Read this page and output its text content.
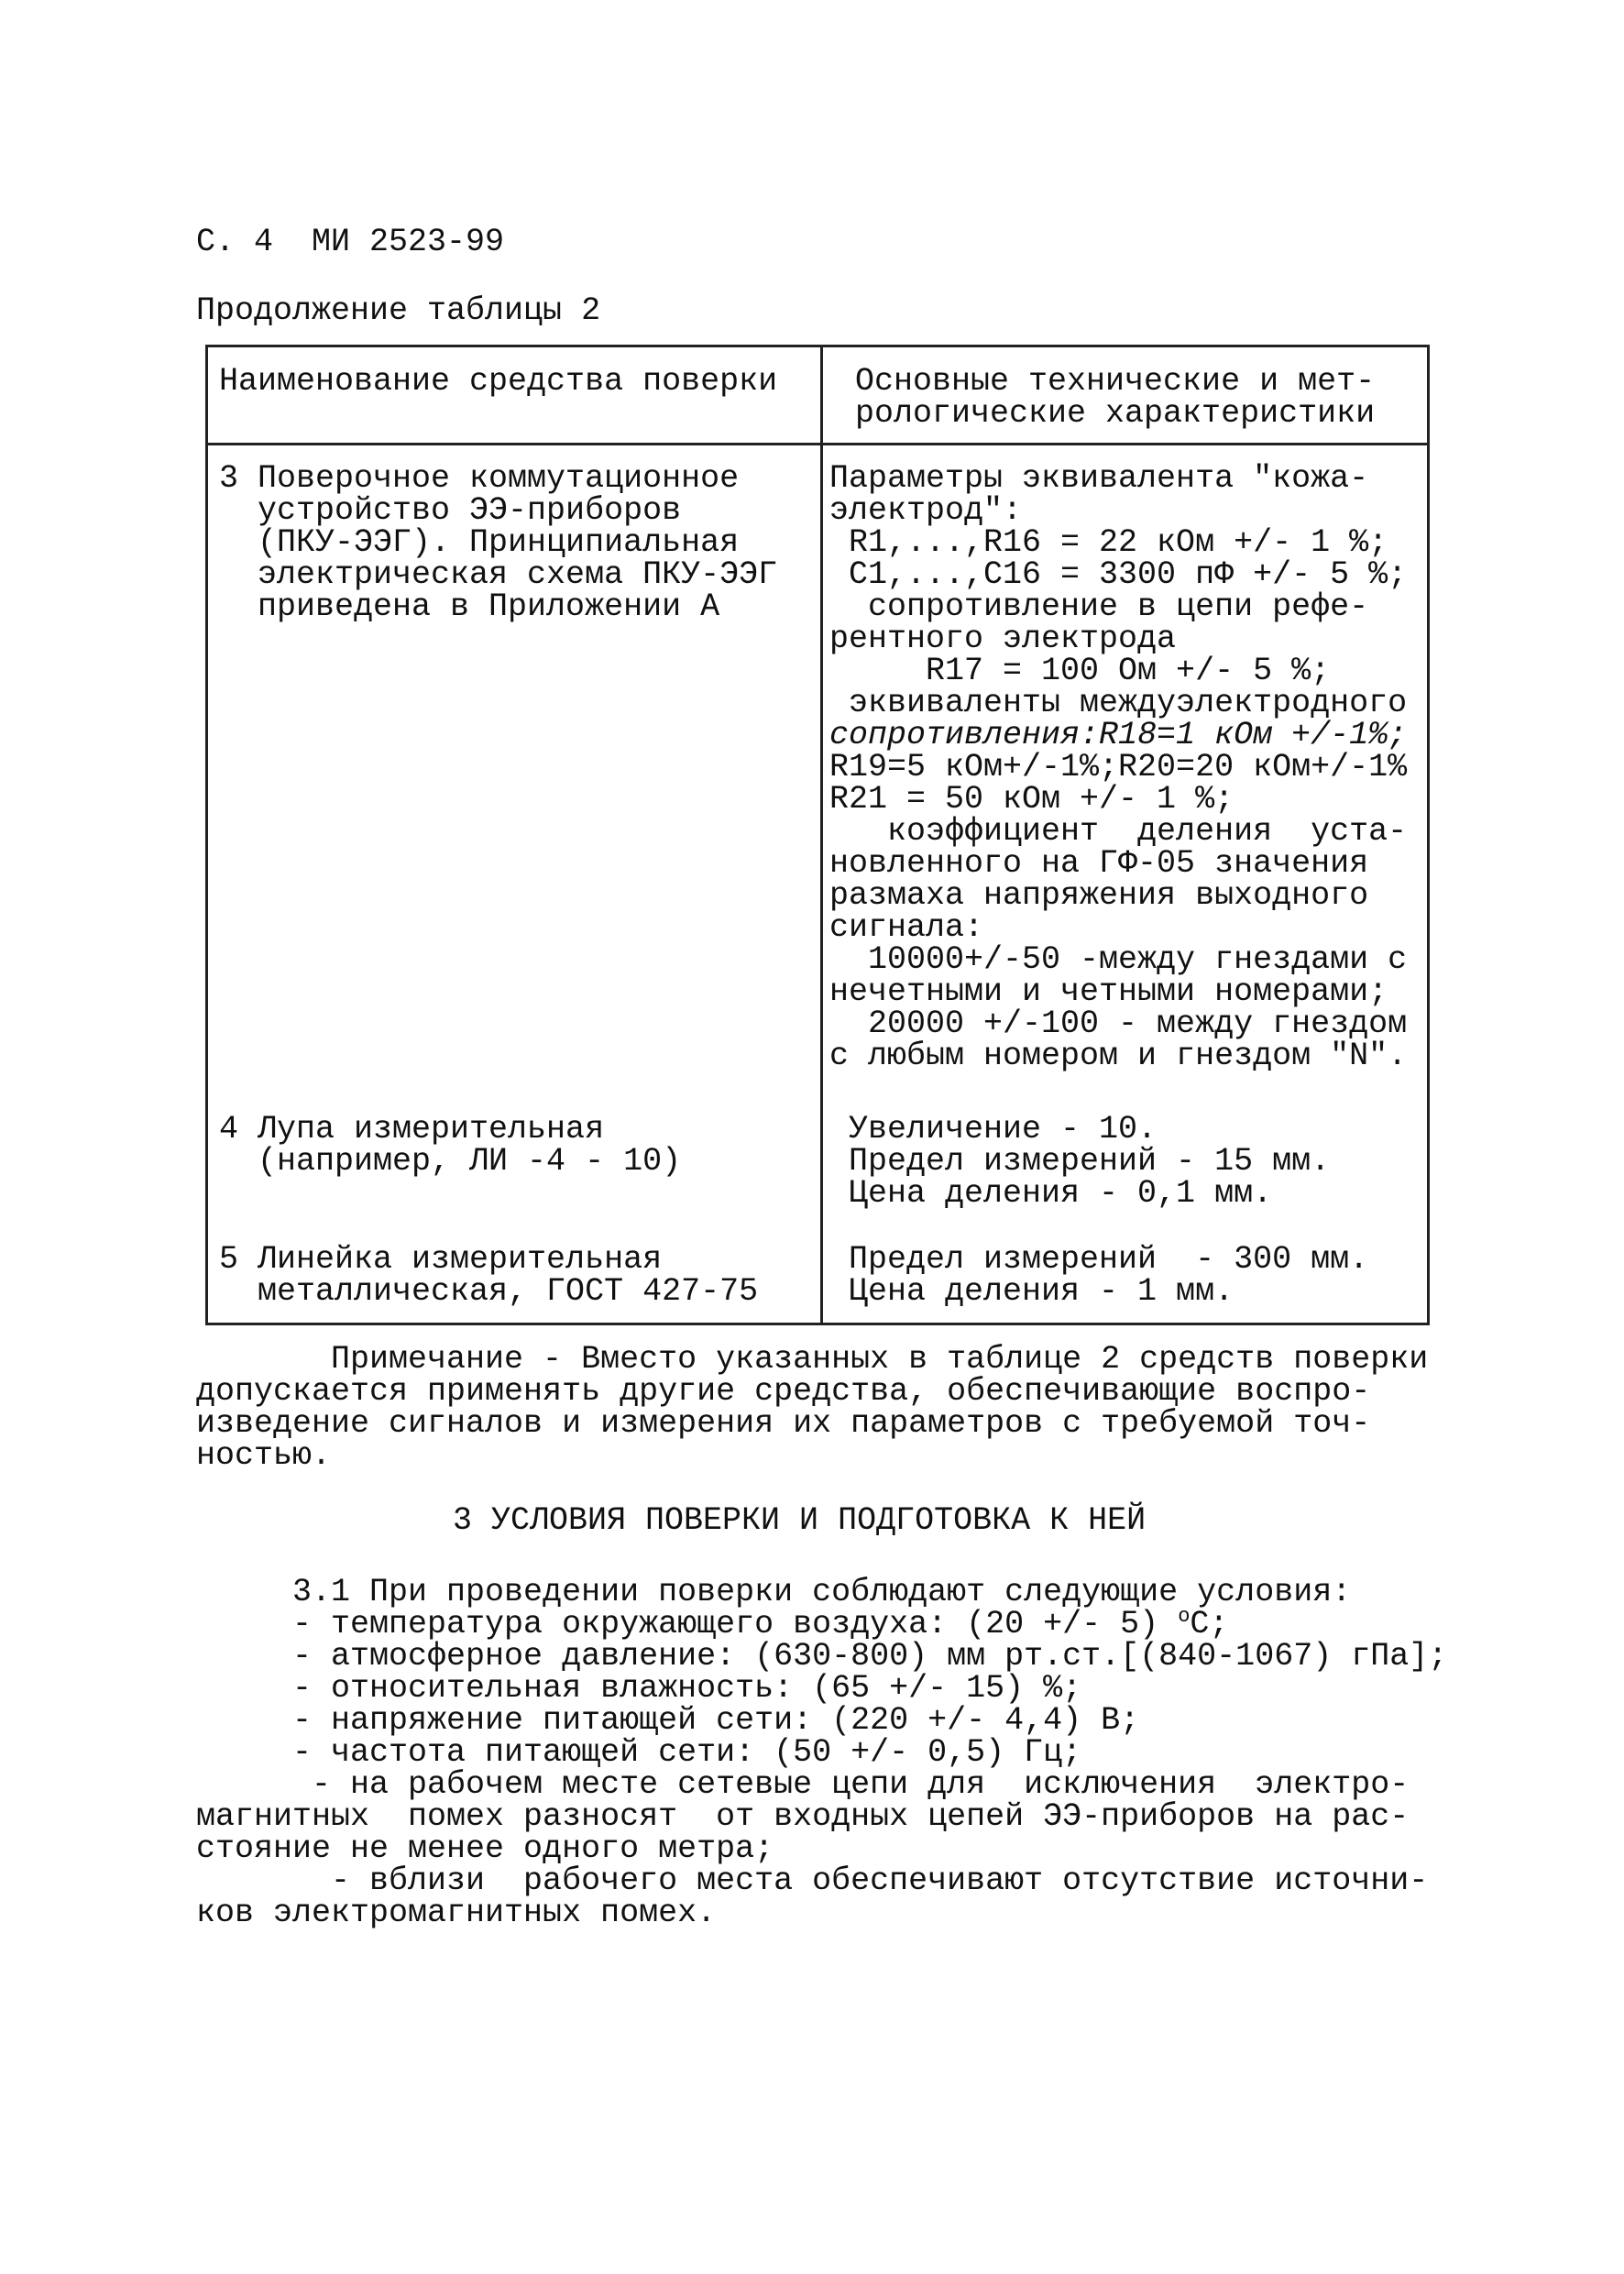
С. 4  МИ 2523-99
Продолжение таблицы 2
Наименование средства поверки Основные технические и мет-
рологические характеристики
3 Поверочное коммутационное
устройство ЭЭ-приборов
(ПКУ-ЭЭГ). Принципиальная
электрическая схема ПКУ-ЭЭГ
приведена в Приложении А
Параметры эквивалента "кожа-
электрод":
R1,...,R16 = 22 кОм +/- 1 %;
C1,...,C16 = 3300 пФ +/- 5 %;
сопротивление в цепи рефе-
рентного электрода
R17 = 100 Ом +/- 5 %;
эквиваленты междуэлектродного
сопротивления:R18=1 кОм +/-1%;
R19=5 кОм+/-1%;R20=20 кОм+/-1%
R21 = 50 кОм +/- 1 %;
коэффициент  деления  уста-
новленного на ГФ-05 значения
размаха напряжения выходного
сигнала:
10000+/-50 -между гнездами с
нечетными и четными номерами;
20000 +/-100 - между гнездом
с любым номером и гнездом "N".
4 Лупа измерительная
(например, ЛИ -4 - 10)
Увеличение - 10.
Предел измерений - 15 мм.
Цена деления - 0,1 мм.
5 Линейка измерительная
металлическая, ГОСТ 427-75
Предел измерений  - 300 мм.
Цена деления - 1 мм.
Примечание - Вместо указанных в таблице 2 средств поверки
допускается применять другие средства, обеспечивающие воспро-
изведение сигналов и измерения их параметров с требуемой точ-
ностью.
3 УСЛОВИЯ ПОВЕРКИ И ПОДГОТОВКА К НЕЙ
3.1 При проведении поверки соблюдают следующие условия:
- температура окружающего воздуха: (20 +/- 5) $^o$C;
- атмосферное давление: (630-800) мм рт.ст.[(840-1067) гПа];
- относительная влажность: (65 +/- 15) %;
- напряжение питающей сети: (220 +/- 4,4) В;
- частота питающей сети: (50 +/- 0,5) Гц;
- на рабочем месте сетевые цепи для  исключения  электро-
магнитных  помех разносят  от входных цепей ЭЭ-приборов на рас-
стояние не менее одного метра;
- вблизи  рабочего места обеспечивают отсутствие источни-
ков электромагнитных помех.
